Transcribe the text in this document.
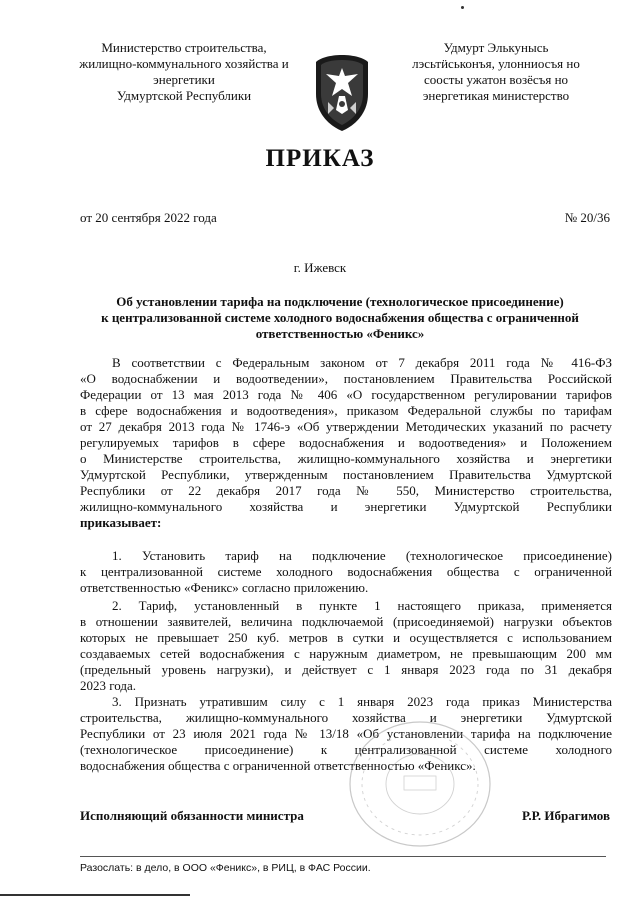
Министерство строительства,
жилищно-коммунального хозяйства и
энергетики
Удмуртской Республики
Удмурт Элькунысь
лэсьтӥськонъя, улонниосъя но
соосты ужатон возёсъя но
энергетикая министерство
ПРИКАЗ
от 20 сентября 2022 года	№ 20/36
г. Ижевск
Об установлении тарифа на подключение (технологическое присоединение)
к централизованной системе холодного водоснабжения общества с ограниченной
ответственностью «Феникс»
В соответствии с Федеральным законом от 7 декабря 2011 года № 416-ФЗ
«О водоснабжении и водоотведении», постановлением Правительства Российской
Федерации от 13 мая 2013 года № 406 «О государственном регулировании тарифов
в сфере водоснабжения и водоотведения», приказом Федеральной службы по тарифам
от 27 декабря 2013 года № 1746-э «Об утверждении Методических указаний по расчету
регулируемых тарифов в сфере водоснабжения и водоотведения» и Положением
о Министерстве строительства, жилищно-коммунального хозяйства и энергетики
Удмуртской Республики, утвержденным постановлением Правительства Удмуртской
Республики от 22 декабря 2017 года № 550, Министерство строительства,
жилищно-коммунального хозяйства и энергетики Удмуртской Республики
приказывает:
1. Установить тариф на подключение (технологическое присоединение)
к централизованной системе холодного водоснабжения общества с ограниченной
ответственностью «Феникс» согласно приложению.
2. Тариф, установленный в пункте 1 настоящего приказа, применяется
в отношении заявителей, величина подключаемой (присоединяемой) нагрузки объектов
которых не превышает 250 куб. метров в сутки и осуществляется с использованием
создаваемых сетей водоснабжения с наружным диаметром, не превышающим 200 мм
(предельный уровень нагрузки), и действует с 1 января 2023 года по 31 декабря
2023 года.
3. Признать утратившим силу с 1 января 2023 года приказ Министерства
строительства, жилищно-коммунального хозяйства и энергетики Удмуртской
Республики от 23 июля 2021 года № 13/18 «Об установлении тарифа на подключение
(технологическое присоединение) к централизованной системе холодного
водоснабжения общества с ограниченной ответственностью «Феникс».
Исполняющий обязанности министра	Р.Р. Ибрагимов
Разослать: в дело, в ООО «Феникс», в РИЦ, в ФАС России.
